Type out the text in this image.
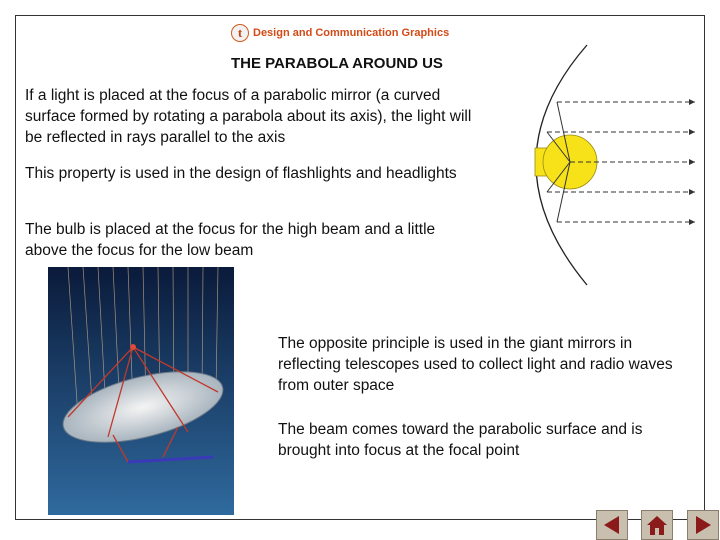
t Design and Communication Graphics
THE PARABOLA AROUND US
If a light is placed at the focus of a parabolic mirror (a curved surface formed by rotating a parabola about its axis), the light will be reflected in rays parallel to the axis
This property is used in the design of flashlights and headlights
The bulb is placed at the focus for the high beam and a little above the focus for the low beam
The opposite principle is used in the giant mirrors in reflecting telescopes used to collect light and radio waves from outer space
The beam comes toward the parabolic surface and is brought into focus at the focal point
